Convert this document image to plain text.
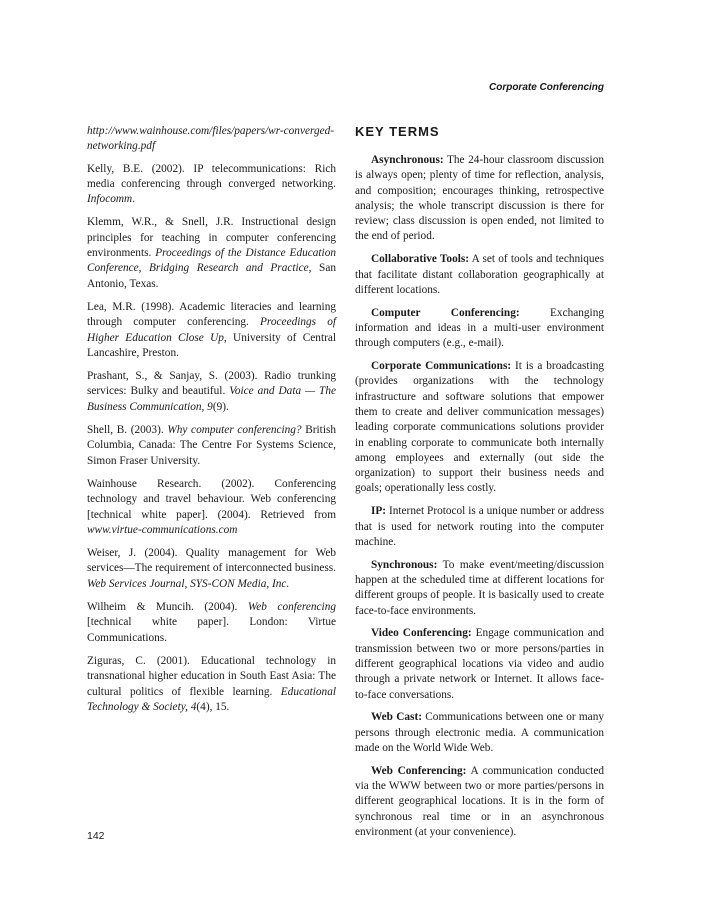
Corporate Conferencing

http://www.wainhouse.com/files/papers/wr-converged-networking.pdf

Kelly, B.E. (2002). IP telecommunications: Rich media conferencing through converged networking. Infocomm.

Klemm, W.R., & Snell, J.R. Instructional design principles for teaching in computer conferencing environments. Proceedings of the Distance Education Conference, Bridging Research and Practice, San Antonio, Texas.

Lea, M.R. (1998). Academic literacies and learning through computer conferencing. Proceedings of Higher Education Close Up, University of Central Lancashire, Preston.

Prashant, S., & Sanjay, S. (2003). Radio trunking services: Bulky and beautiful. Voice and Data — The Business Communication, 9(9).

Shell, B. (2003). Why computer conferencing? British Columbia, Canada: The Centre For Systems Science, Simon Fraser University.

Wainhouse Research. (2002). Conferencing technology and travel behaviour. Web conferencing [technical white paper]. (2004). Retrieved from www.virtue-communications.com

Weiser, J. (2004). Quality management for Web services—The requirement of interconnected business. Web Services Journal, SYS-CON Media, Inc.

Wilheim & Muncih. (2004). Web conferencing [technical white paper]. London: Virtue Communications.

Ziguras, C. (2001). Educational technology in transnational higher education in South East Asia: The cultural politics of flexible learning. Educational Technology & Society, 4(4), 15.

KEY TERMS

Asynchronous: The 24-hour classroom discussion is always open; plenty of time for reflection, analysis, and composition; encourages thinking, retrospective analysis; the whole transcript discussion is there for review; class discussion is open ended, not limited to the end of period.

Collaborative Tools: A set of tools and techniques that facilitate distant collaboration geographically at different locations.

Computer Conferencing: Exchanging information and ideas in a multi-user environment through computers (e.g., e-mail).

Corporate Communications: It is a broadcasting (provides organizations with the technology infrastructure and software solutions that empower them to create and deliver communication messages) leading corporate communications solutions provider in enabling corporate to communicate both internally among employees and externally (out side the organization) to support their business needs and goals; operationally less costly.

IP: Internet Protocol is a unique number or address that is used for network routing into the computer machine.

Synchronous: To make event/meeting/discussion happen at the scheduled time at different locations for different groups of people. It is basically used to create face-to-face environments.

Video Conferencing: Engage communication and transmission between two or more persons/parties in different geographical locations via video and audio through a private network or Internet. It allows face-to-face conversations.

Web Cast: Communications between one or many persons through electronic media. A communication made on the World Wide Web.

Web Conferencing: A communication conducted via the WWW between two or more parties/persons in different geographical locations. It is in the form of synchronous real time or in an asynchronous environment (at your convenience).

142
